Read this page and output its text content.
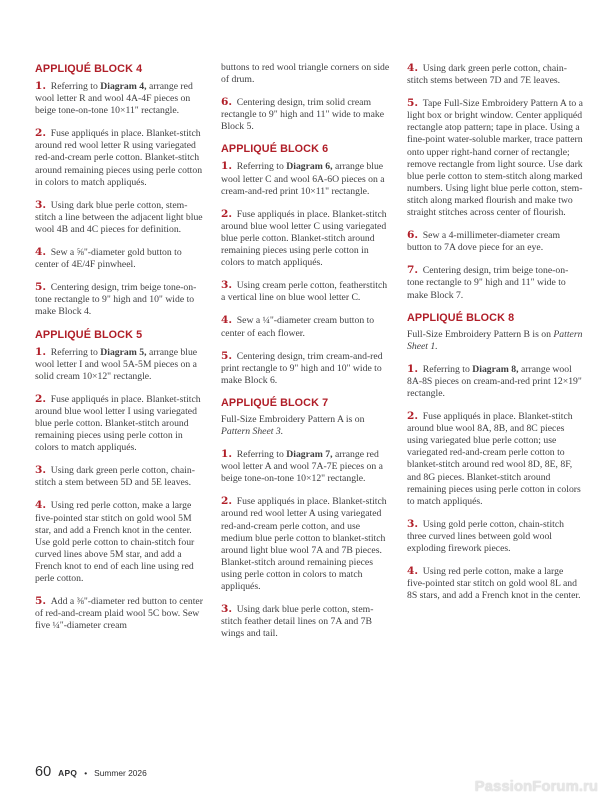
APPLIQUÉ BLOCK 4

1. Referring to Diagram 4, arrange red wool letter R and wool 4A-4F pieces on beige tone-on-tone 10×11" rectangle.

2. Fuse appliqués in place. Blanket-stitch around red wool letter R using variegated red-and-cream perle cotton. Blanket-stitch around remaining pieces using perle cotton in colors to match appliqués.

3. Using dark blue perle cotton, stem-stitch a line between the adjacent light blue wool 4B and 4C pieces for definition.

4. Sew a ⅝"-diameter gold button to center of 4E/4F pinwheel.

5. Centering design, trim beige tone-on-tone rectangle to 9" high and 10" wide to make Block 4.

APPLIQUÉ BLOCK 5

1. Referring to Diagram 5, arrange blue wool letter I and wool 5A-5M pieces on a solid cream 10×12" rectangle.

2. Fuse appliqués in place. Blanket-stitch around blue wool letter I using variegated blue perle cotton. Blanket-stitch around remaining pieces using perle cotton in colors to match appliqués.

3. Using dark green perle cotton, chain-stitch a stem between 5D and 5E leaves.

4. Using red perle cotton, make a large five-pointed star stitch on gold wool 5M star, and add a French knot in the center. Use gold perle cotton to chain-stitch four curved lines above 5M star, and add a French knot to end of each line using red perle cotton.

5. Add a ⅜"-diameter red button to center of red-and-cream plaid wool 5C bow. Sew five ¼"-diameter cream

buttons to red wool triangle corners on side of drum.

6. Centering design, trim solid cream rectangle to 9" high and 11" wide to make Block 5.

APPLIQUÉ BLOCK 6

1. Referring to Diagram 6, arrange blue wool letter C and wool 6A-6O pieces on a cream-and-red print 10×11" rectangle.

2. Fuse appliqués in place. Blanket-stitch around blue wool letter C using variegated blue perle cotton. Blanket-stitch around remaining pieces using perle cotton in colors to match appliqués.

3. Using cream perle cotton, featherstitch a vertical line on blue wool letter C.

4. Sew a ¼"-diameter cream button to center of each flower.

5. Centering design, trim cream-and-red print rectangle to 9" high and 10" wide to make Block 6.

APPLIQUÉ BLOCK 7

Full-Size Embroidery Pattern A is on Pattern Sheet 3.

1. Referring to Diagram 7, arrange red wool letter A and wool 7A-7E pieces on a beige tone-on-tone 10×12" rectangle.

2. Fuse appliqués in place. Blanket-stitch around red wool letter A using variegated red-and-cream perle cotton, and use medium blue perle cotton to blanket-stitch around light blue wool 7A and 7B pieces. Blanket-stitch around remaining pieces using perle cotton in colors to match appliqués.

3. Using dark blue perle cotton, stem-stitch feather detail lines on 7A and 7B wings and tail.

4. Using dark green perle cotton, chain-stitch stems between 7D and 7E leaves.

5. Tape Full-Size Embroidery Pattern A to a light box or bright window. Center appliquéd rectangle atop pattern; tape in place. Using a fine-point water-soluble marker, trace pattern onto upper right-hand corner of rectangle; remove rectangle from light source. Use dark blue perle cotton to stem-stitch along marked numbers. Using light blue perle cotton, stem-stitch along marked flourish and make two straight stitches across center of flourish.

6. Sew a 4-millimeter-diameter cream button to 7A dove piece for an eye.

7. Centering design, trim beige tone-on-tone rectangle to 9" high and 11" wide to make Block 7.

APPLIQUÉ BLOCK 8

Full-Size Embroidery Pattern B is on Pattern Sheet 1.

1. Referring to Diagram 8, arrange wool 8A-8S pieces on cream-and-red print 12×19" rectangle.

2. Fuse appliqués in place. Blanket-stitch around blue wool 8A, 8B, and 8C pieces using variegated blue perle cotton; use variegated red-and-cream perle cotton to blanket-stitch around red wool 8D, 8E, 8F, and 8G pieces. Blanket-stitch around remaining pieces using perle cotton in colors to match appliqués.

3. Using gold perle cotton, chain-stitch three curved lines between gold wool exploding firework pieces.

4. Using red perle cotton, make a large five-pointed star stitch on gold wool 8L and 8S stars, and add a French knot in the center.

60 APQ • Summer 2026
PassionForum.ru
